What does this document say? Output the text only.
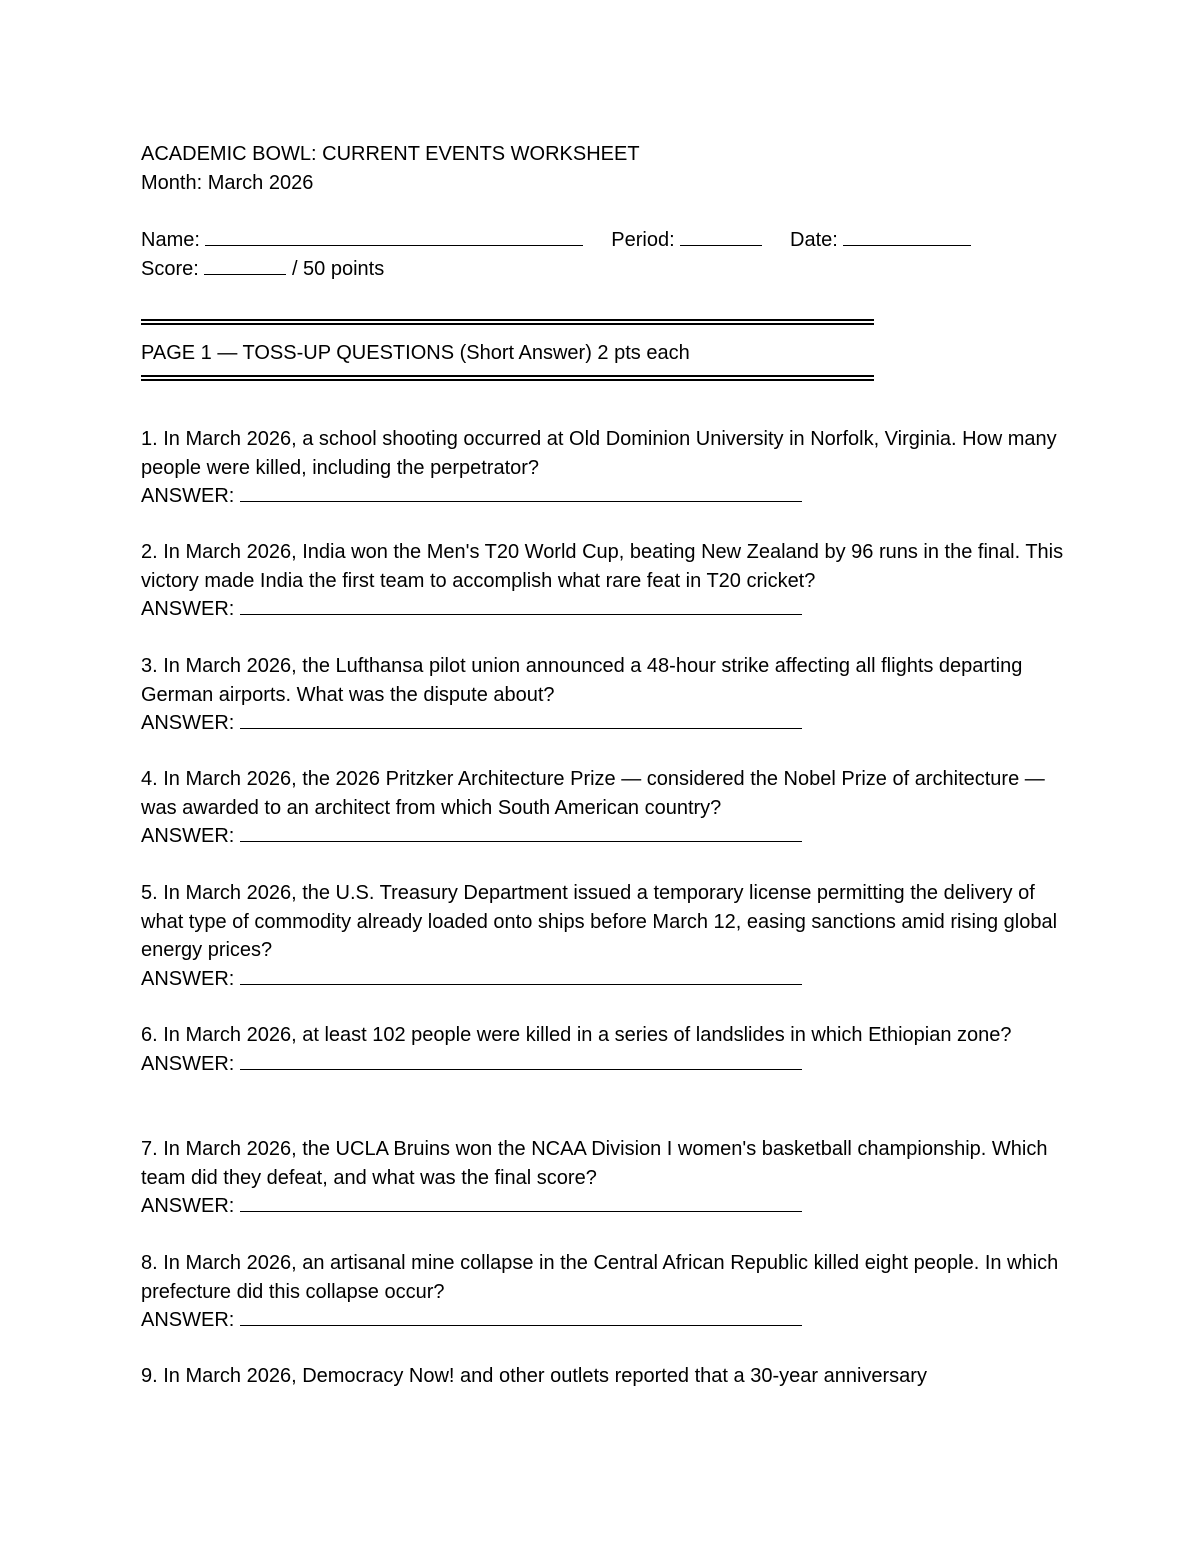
ACADEMIC BOWL: CURRENT EVENTS WORKSHEET
Month: March 2026
Name:	Period:	Date:
Score:	/ 50 points
PAGE 1 — TOSS-UP QUESTIONS (Short Answer) 2 pts each
1. In March 2026, a school shooting occurred at Old Dominion University in Norfolk, Virginia. How many people were killed, including the perpetrator?
ANSWER:
2. In March 2026, India won the Men's T20 World Cup, beating New Zealand by 96 runs in the final. This victory made India the first team to accomplish what rare feat in T20 cricket?
ANSWER:
3. In March 2026, the Lufthansa pilot union announced a 48-hour strike affecting all flights departing German airports. What was the dispute about?
ANSWER:
4. In March 2026, the 2026 Pritzker Architecture Prize — considered the Nobel Prize of architecture — was awarded to an architect from which South American country?
ANSWER:
5. In March 2026, the U.S. Treasury Department issued a temporary license permitting the delivery of what type of commodity already loaded onto ships before March 12, easing sanctions amid rising global energy prices?
ANSWER:
6. In March 2026, at least 102 people were killed in a series of landslides in which Ethiopian zone?
ANSWER:
7. In March 2026, the UCLA Bruins won the NCAA Division I women's basketball championship. Which team did they defeat, and what was the final score?
ANSWER:
8. In March 2026, an artisanal mine collapse in the Central African Republic killed eight people. In which prefecture did this collapse occur?
ANSWER:
9. In March 2026, Democracy Now! and other outlets reported that a 30-year anniversary
